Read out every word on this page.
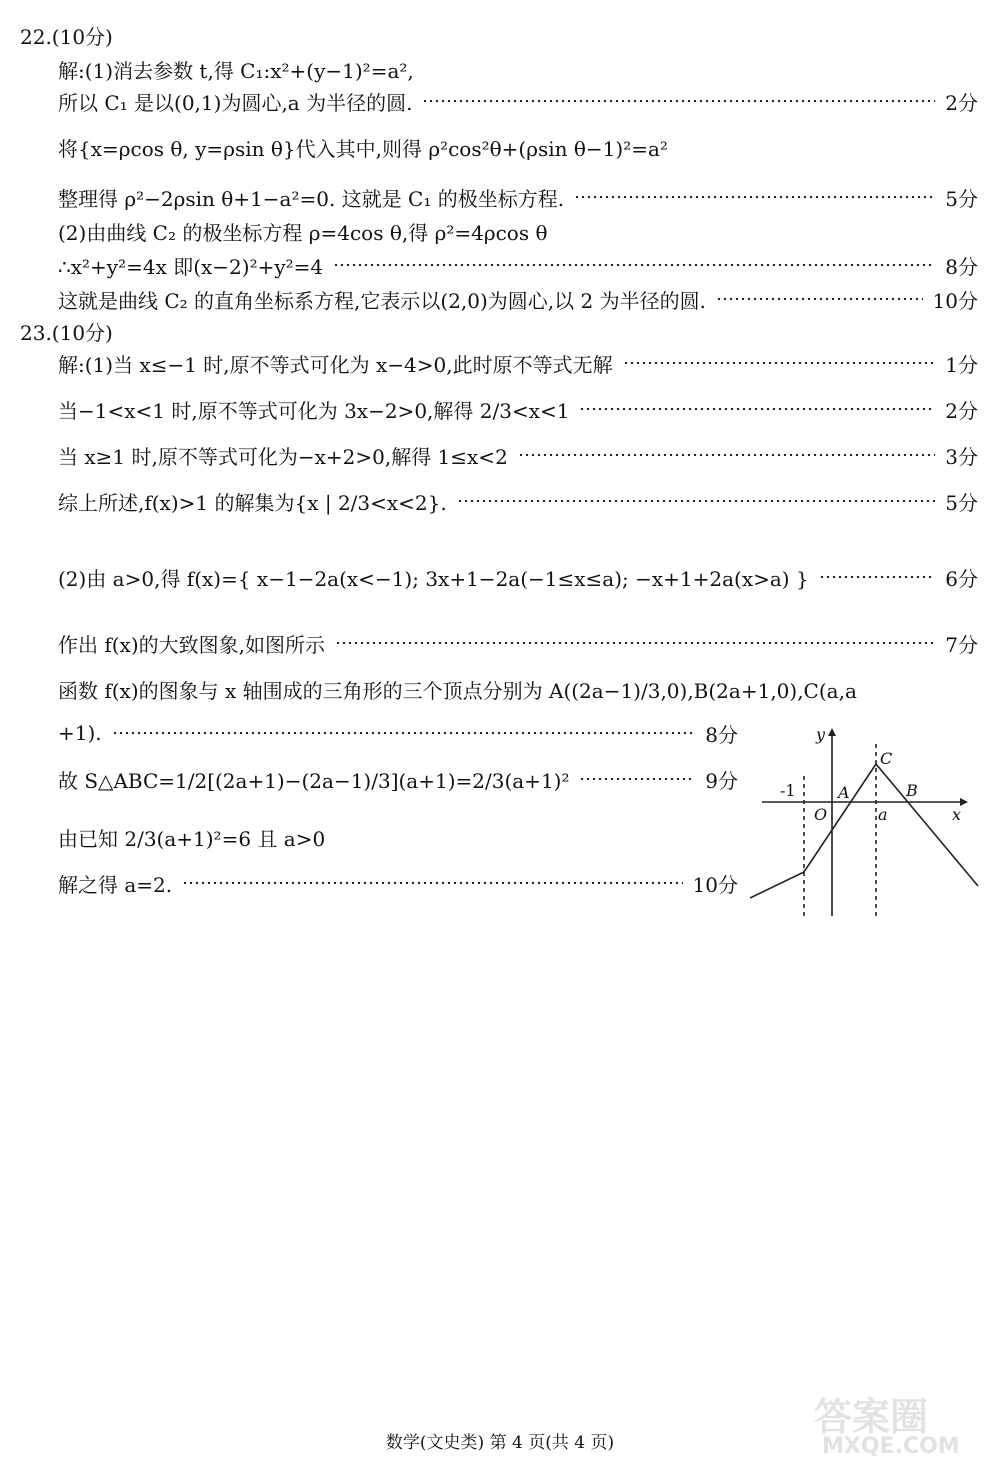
22.(10分)
解:(1)消去参数 t,得 C₁:x²+(y−1)²=a²,
所以 C₁ 是以(0,1)为圆心,a 为半径的圆.	2分
将{x=ρcos θ, y=ρsin θ}代入其中,则得 ρ²cos²θ+(ρsin θ−1)²=a²
整理得 ρ²−2ρsin θ+1−a²=0. 这就是 C₁ 的极坐标方程.	5分
(2)由曲线 C₂ 的极坐标方程 ρ=4cos θ,得 ρ²=4ρcos θ
∴x²+y²=4x 即(x−2)²+y²=4	8分
这就是曲线 C₂ 的直角坐标系方程,它表示以(2,0)为圆心,以 2 为半径的圆.	10分
23.(10分)
解:(1)当 x≤−1 时,原不等式可化为 x−4>0,此时原不等式无解	1分
当−1<x<1 时,原不等式可化为 3x−2>0,解得 2/3<x<1	2分
当 x≥1 时,原不等式可化为−x+2>0,解得 1≤x<2	3分
综上所述,f(x)>1 的解集为{x | 2/3<x<2}.	5分
(2)由 a>0,得 f(x)={ x−1−2a(x<−1); 3x+1−2a(−1≤x≤a); −x+1+2a(x>a) }	6分
作出 f(x)的大致图象,如图所示	7分
函数 f(x)的图象与 x 轴围成的三角形的三个顶点分别为 A((2a−1)/3,0),B(2a+1,0),C(a,a
+1).	8分
故 S△ABC=1/2[(2a+1)−(2a−1)/3](a+1)=2/3(a+1)²	9分
由已知 2/3(a+1)²=6 且 a>0
解之得 a=2.	10分
y
x
O
-1
a
A	B
C
数学(文史类) 第 4 页(共 4 页)
答案圈
MXQE.COM
